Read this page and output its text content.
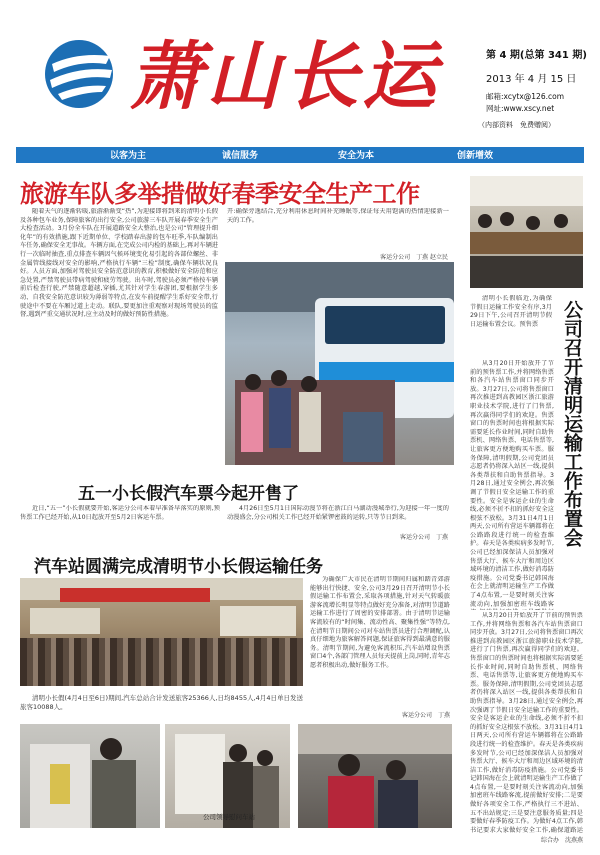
萧山长运	第 4 期(总第 341 期)
2013 年 4 月 15 日
邮箱:xcytx@126.com
网址:www.xscy.net
（内部资料　免费赠阅）
以客为主	诚信服务	安全为本	创新增效
旅游车队多举措做好春季安全生产工作
随着天气的逐渐转暖,旅游渐渐变“热”,为迎接即将到来的清明小长假及各种包车业务,保障旅客的出行安全,公司旅游三车队开展春季安全生产大检查活动。3月份全车队在开展道路安全大整治,也是公司“管理提升细化年”的有效措施,跟下近期单位、学校踏春出游的包车旺季,车队编制出车任务,确保安全无事故。车辆方面,在完成公司内检的基础上,再对车辆进行一次临时抽查,重点排查车辆因气候环境变化易引起的各部位螺丝、非金属管线接线对安全的影响,严格执行车辆“三检”制度,确保车辆状况良好。人员方面,加强对驾驶员安全防范意识的教育,积极做好安全防范和应急处置,严禁驾驶员带病驾驶和疲劳驾驶。出车时,驾驶员必须严格按车辆前后检查行驶,严禁随意超越,穿插,尤其针对学生春游团,要根据学生多动、自我安全防范意识较为薄弱等特点,在发车前提醒学生系好安全带,行驶途中不要在车厢过道上走动。联队,要更加注重观察对现场驾驶员的监督,遇到严重交通状况时,应主动及时的做好预防性措施。
开:确保旁逸结合,充分利用休息时间补充睡眠等,保证每天用饱满的热情迎接新一天的工作。
客运分公司　丁燕 赵立民
五一小长假汽车票今起开售了
近日,“五一”小长假就要开始,客运分公司本着早准备早落实的原则,预售票工作已经开始,从10日起放开至5月2日客运车票。
4月26日至5月1日国际动漫节将在浙江白马湖动漫城举行,为迎接一年一度的动漫盛会,分公司相关工作已经开始紧锣密鼓的运转,只等节日到来。
客运分公司　丁燕
汽车站圆满完成清明节小长假运输任务
清明小长假(4月4日至6日)期间,汽车总站合计发送旅客25366人,日均8455人,4月4日单日发送旅客10088人。
为确保广大市民在清明节期间归属和踏青郊游能够出行快捷、安全,公司3月29日召开清明节小长假运输工作布置会,采取各项措施,针对天气转暖旅游客流增长明显等特点做好充分准备,对清明节道路运输工作进行了周密的安排部署。由于清明节运输客流较有的“时间集、流动性高、聚集性强”等特点,在清明节日期间公司对车站售票员进行合理调配,认真仔细地为旅客解答问题,保证旅客得到最满意的服务。清明节期间,为避免客流积压,汽车站增设售票窗口4个,各部门管理人员每天提前上岗,同时,青年志愿者积极出动,做好服务工作。
客运分公司　丁燕
公司领导慰问车站
清明小长假临近,为确保节假日运输工作安全有序,3月29日下午,公司召开清明节假日运输布置会议。预售票	公司召开清明运输工作布置会
从3月20日开始放开了节前的预售票工作,并将网络售票和各汽车站售票窗口同步开放。3月27日,公司将售票窗口再次推进到高教园区浙江旅游职业技术学院,进行了门售票,再次赢得同学们的欢迎。售票窗口的售票时间也将根据实际需要延长作业时间,同时自助售票机、网络售票、电话售票等,让旅客更方便地购买车票。服务保障,清明假期,公司党团员志愿者仍将深入站区一线,提供各类帮扶和自助售票指导。3月28日,通过安全例会,再次强调了节假日安全运输工作的重要性。安全是客运企业的生命线,必须不折不扣的抓好安全这根弦不放松。3月31日4月1日两天,公司所有营运车辆都将在公路路段进行统一的检查维护。春天是各类疾病多发时节,公司已经加深保洁人员加强对售票大厅、候车大厅和周边区域环境的清洁工作,做好消毒防疫措施。公司党委书记韩国海在会上就清明运输生产工作做了4点布置,一是要时刻关注客流动向,加强加密班车线路客
从3月20日开始放开了节前的预售票工作,并将网络售票和各汽车站售票窗口同步开放。3月27日,公司将售票窗口再次推进到高教园区浙江旅游职业技术学院,进行了门售票,再次赢得同学们的欢迎。售票窗口的售票时间也将根据实际需要延长作业时间,同时自助售票机、网络售票、电话售票等,让旅客更方便地购买车票。服务保障,清明假期,公司党团员志愿者仍将深入站区一线,提供各类帮扶和自助售票指导。3月28日,通过安全例会,再次强调了节假日安全运输工作的重要性。安全是客运企业的生命线,必须不折不扣的抓好安全这根弦不放松。3月31日4月1日两天,公司所有营运车辆都将在公路路段进行统一的检查维护。春天是各类疾病多发时节,公司已经加深保洁人员加强对售票大厅、候车大厅和周边区域环境的清洁工作,做好消毒防疫措施。公司党委书记韩国海在会上就清明运输生产工作做了4点布置,一是要时刻关注客流动向,加强加密班车线路客流,提前做好安排;二是要做好各项安全工作,严格执行三不进站、五不出站规定;三是要注意服务质量;四是要做好春季防疫工作。为做好4点工作,韩书记要求大家做好安全工作,确保道路运
综合办　沈燕燕
